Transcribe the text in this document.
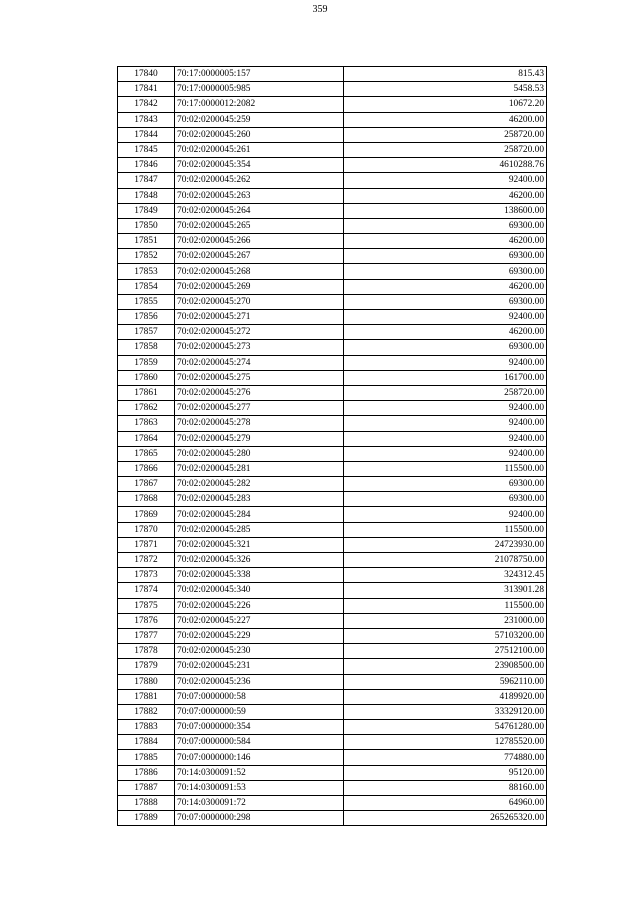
359
17840	70:17:0000005:157	815.43
17841	70:17:0000005:985	5458.53
17842	70:17:0000012:2082	10672.20
17843	70:02:0200045:259	46200.00
17844	70:02:0200045:260	258720.00
17845	70:02:0200045:261	258720.00
17846	70:02:0200045:354	4610288.76
17847	70:02:0200045:262	92400.00
17848	70:02:0200045:263	46200.00
17849	70:02:0200045:264	138600.00
17850	70:02:0200045:265	69300.00
17851	70:02:0200045:266	46200.00
17852	70:02:0200045:267	69300.00
17853	70:02:0200045:268	69300.00
17854	70:02:0200045:269	46200.00
17855	70:02:0200045:270	69300.00
17856	70:02:0200045:271	92400.00
17857	70:02:0200045:272	46200.00
17858	70:02:0200045:273	69300.00
17859	70:02:0200045:274	92400.00
17860	70:02:0200045:275	161700.00
17861	70:02:0200045:276	258720.00
17862	70:02:0200045:277	92400.00
17863	70:02:0200045:278	92400.00
17864	70:02:0200045:279	92400.00
17865	70:02:0200045:280	92400.00
17866	70:02:0200045:281	115500.00
17867	70:02:0200045:282	69300.00
17868	70:02:0200045:283	69300.00
17869	70:02:0200045:284	92400.00
17870	70:02:0200045:285	115500.00
17871	70:02:0200045:321	24723930.00
17872	70:02:0200045:326	21078750.00
17873	70:02:0200045:338	324312.45
17874	70:02:0200045:340	313901.28
17875	70:02:0200045:226	115500.00
17876	70:02:0200045:227	231000.00
17877	70:02:0200045:229	57103200.00
17878	70:02:0200045:230	27512100.00
17879	70:02:0200045:231	23908500.00
17880	70:02:0200045:236	5962110.00
17881	70:07:0000000:58	4189920.00
17882	70:07:0000000:59	33329120.00
17883	70:07:0000000:354	54761280.00
17884	70:07:0000000:584	12785520.00
17885	70:07:0000000:146	774880.00
17886	70:14:0300091:52	95120.00
17887	70:14:0300091:53	88160.00
17888	70:14:0300091:72	64960.00
17889	70:07:0000000:298	265265320.00
